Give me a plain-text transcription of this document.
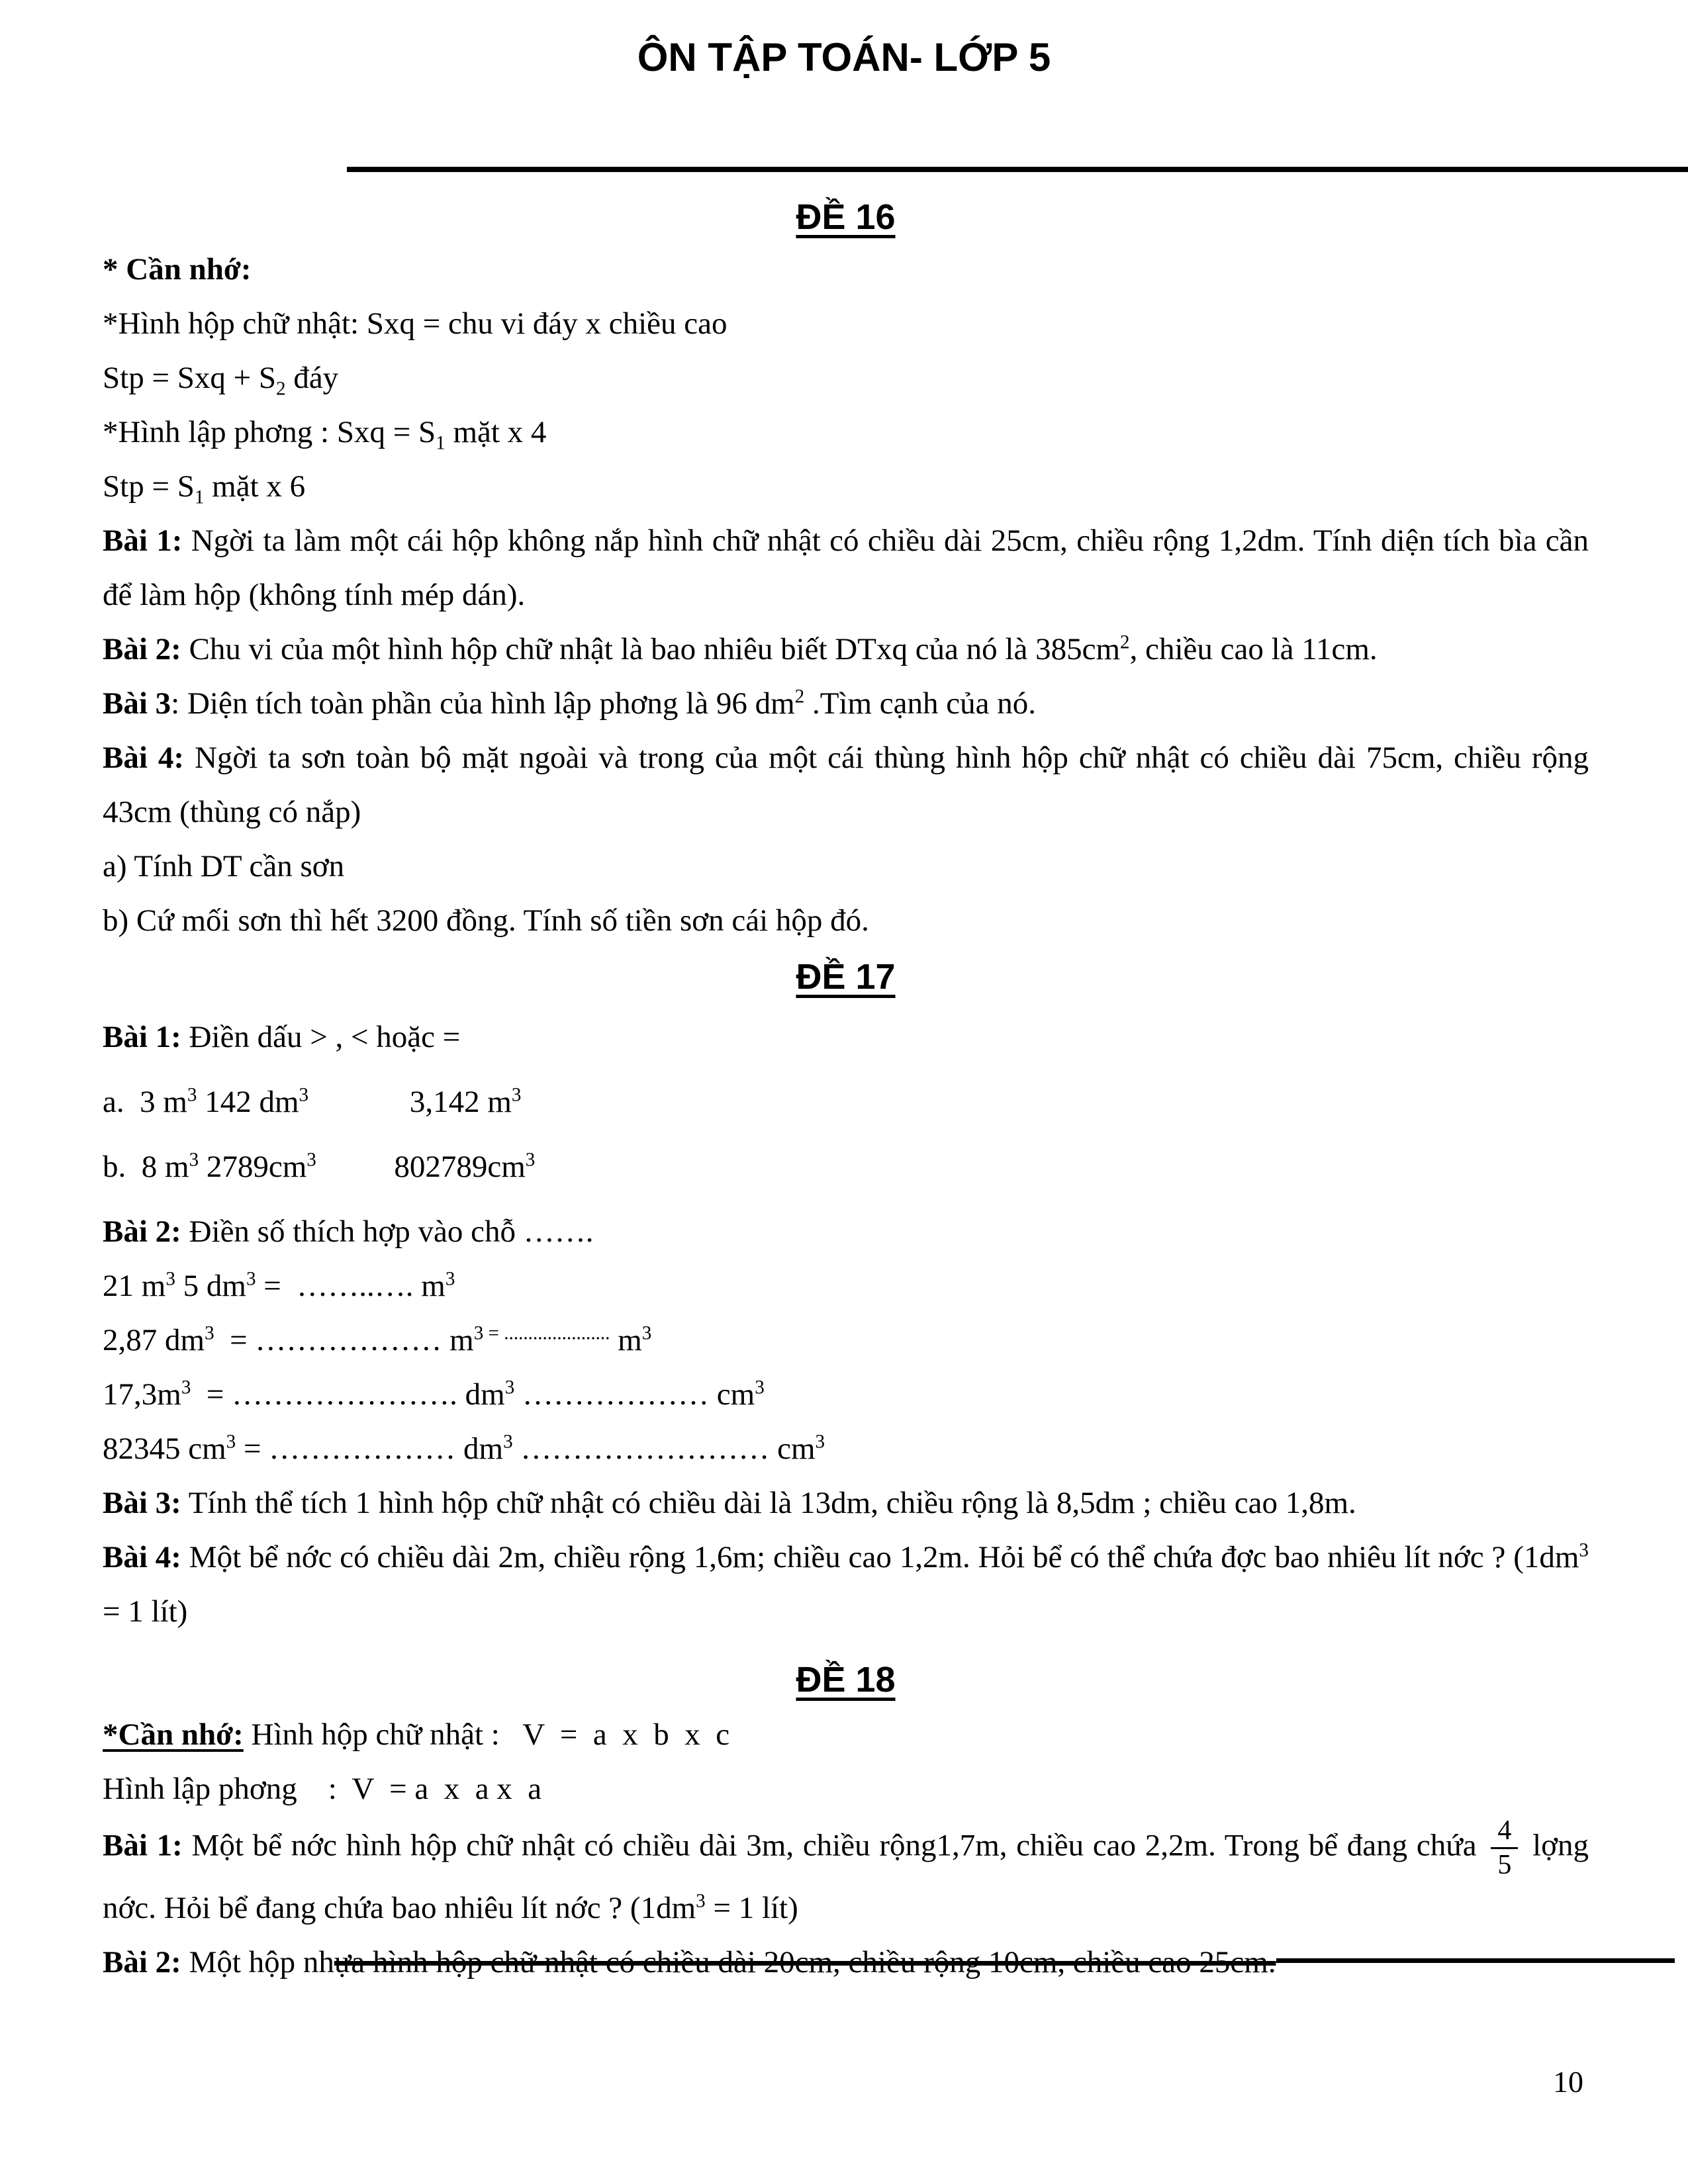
ÔN TẬP TOÁN- LỚP 5
ĐỀ 16
* Cần nhớ:
*Hình hộp chữ nhật: Sxq = chu vi đáy x chiều cao
Stp = Sxq + $S_2$ đáy
*Hình lập phơng : Sxq = $S_1$ mặt x 4
Stp = $S_1$ mặt x 6
Bài 1: Ngời ta làm một cái hộp không nắp hình chữ nhật có chiều dài 25cm, chiều rộng 1,2dm. Tính diện tích bìa cần để làm hộp (không tính mép dán).
Bài 2: Chu vi của một hình hộp chữ nhật là bao nhiêu biết DTxq của nó là $385cm^2$, chiều cao là 11cm.
Bài 3: Diện tích toàn phần của hình lập phơng là 96 $dm^2$ .Tìm cạnh của nó.
Bài 4: Ngời ta sơn toàn bộ mặt ngoài và trong của một cái thùng hình hộp chữ nhật có chiều dài 75cm, chiều rộng 43cm (thùng có nắp)
a) Tính DT cần sơn
b) Cứ mối sơn thì hết 3200 đồng. Tính số tiền sơn cái hộp đó.
ĐỀ 17
Bài 1: Điền dấu > , < hoặc =
a.  3 $m^3$ 142 $dm^3$             3,142 $m^3$
b.  8 $m^3$ $2789cm^3$          $802789cm^3$
Bài 2: Điền số thích hợp vào chỗ …….
21 $m^3$ 5 $dm^3$ =  ……..…. $m^3$
2,87 $dm^3$  = ……………… $m^3$ = ...................... $m^3$
$17,3m^3$  = …………………. $dm^3$ ……………… $cm^3$
82345 $cm^3$ = ……………… $dm^3$ …………………… $cm^3$
Bài 3: Tính thể tích 1 hình hộp chữ nhật có chiều dài là 13dm, chiều rộng là 8,5dm ; chiều cao 1,8m.
Bài 4: Một bể nớc có chiều dài 2m, chiều rộng 1,6m; chiều cao 1,2m. Hỏi bể có thể chứa đợc bao nhiêu lít nớc ? ($1dm^3 = 1$ lít)
ĐỀ 18
*Cần nhớ: Hình hộp chữ nhật :   V  =  a  x  b  x  c
Hình lập phơng    :  V  = a  x  a x  a
Bài 1: Một bể nớc hình hộp chữ nhật có chiều dài 3m, chiều rộng1,7m, chiều cao 2,2m. Trong bể đang chứa $\frac{4}{5}$ lợng nớc. Hỏi bể đang chứa bao nhiêu lít nớc ? ($1dm^3 = 1$ lít)
Bài 2: Một hộp nh ựa hình hộp chữ nhật có chiều dài 20cm, chiều rộng 10cm, chiều cao 25cm.
10
